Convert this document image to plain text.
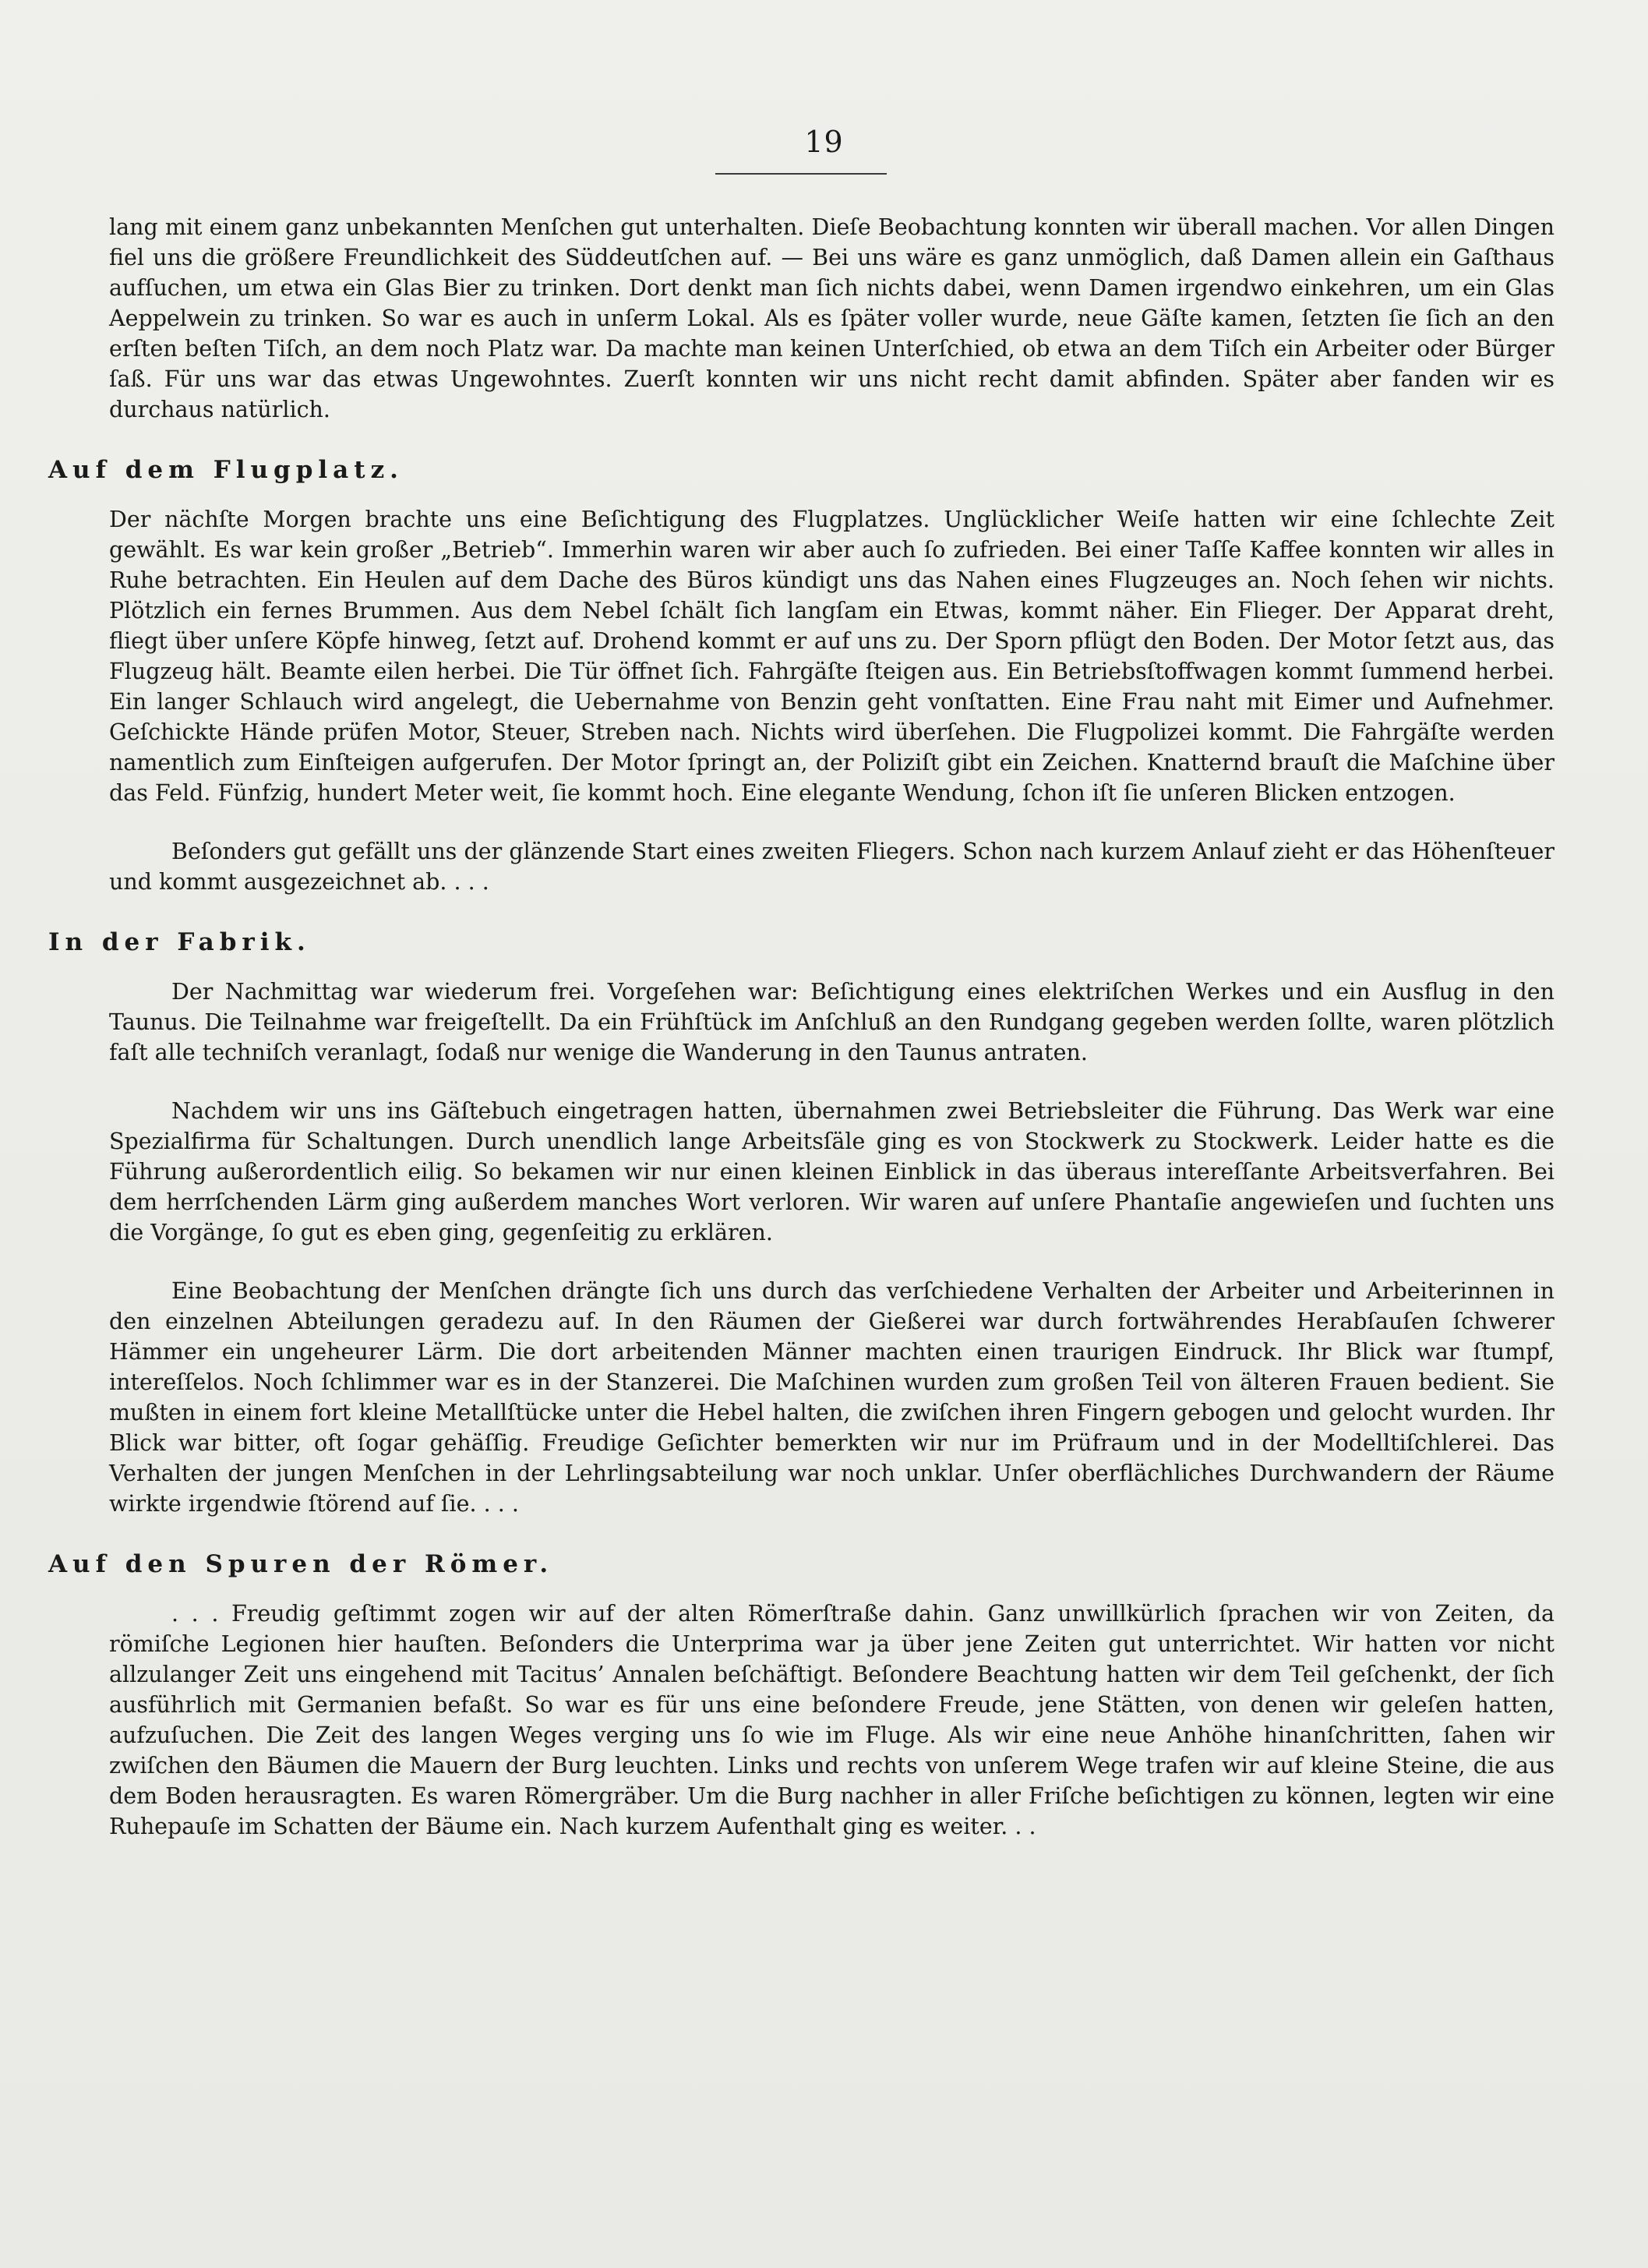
19

lang mit einem ganz unbekannten Menſchen gut unterhalten. Dieſe Beobachtung konnten wir überall machen. Vor allen Dingen fiel uns die größere Freundlichkeit des Süddeutſchen auf. — Bei uns wäre es ganz unmöglich, daß Damen allein ein Gaſthaus aufſuchen, um etwa ein Glas Bier zu trinken. Dort denkt man ſich nichts dabei, wenn Damen irgendwo einkehren, um ein Glas Aeppelwein zu trinken. So war es auch in unſerm Lokal. Als es ſpäter voller wurde, neue Gäſte kamen, ſetzten ſie ſich an den erſten beſten Tiſch, an dem noch Platz war. Da machte man keinen Unterſchied, ob etwa an dem Tiſch ein Arbeiter oder Bürger ſaß. Für uns war das etwas Ungewohntes. Zuerſt konnten wir uns nicht recht damit abfinden. Später aber fanden wir es durchaus natürlich.

Auf dem Flugplatz.

Der nächſte Morgen brachte uns eine Beſichtigung des Flugplatzes. Unglücklicher Weiſe hatten wir eine ſchlechte Zeit gewählt. Es war kein großer „Betrieb“. Immerhin waren wir aber auch ſo zufrieden. Bei einer Taſſe Kaffee konnten wir alles in Ruhe betrachten. Ein Heulen auf dem Dache des Büros kündigt uns das Nahen eines Flugzeuges an. Noch ſehen wir nichts. Plötzlich ein fernes Brummen. Aus dem Nebel ſchält ſich langſam ein Etwas, kommt näher. Ein Flieger. Der Apparat dreht, fliegt über unſere Köpfe hinweg, ſetzt auf. Drohend kommt er auf uns zu. Der Sporn pflügt den Boden. Der Motor ſetzt aus, das Flugzeug hält. Beamte eilen herbei. Die Tür öffnet ſich. Fahrgäſte ſteigen aus. Ein Betriebsſtoffwagen kommt ſummend herbei. Ein langer Schlauch wird angelegt, die Uebernahme von Benzin geht vonſtatten. Eine Frau naht mit Eimer und Aufnehmer. Geſchickte Hände prüfen Motor, Steuer, Streben nach. Nichts wird überſehen. Die Flugpolizei kommt. Die Fahrgäſte werden namentlich zum Einſteigen aufgerufen. Der Motor ſpringt an, der Poliziſt gibt ein Zeichen. Knatternd brauſt die Maſchine über das Feld. Fünfzig, hundert Meter weit, ſie kommt hoch. Eine elegante Wendung, ſchon iſt ſie unſeren Blicken entzogen.

Beſonders gut gefällt uns der glänzende Start eines zweiten Fliegers. Schon nach kurzem Anlauf zieht er das Höhenſteuer und kommt ausgezeichnet ab. . . .

In der Fabrik.

Der Nachmittag war wiederum frei. Vorgeſehen war: Beſichtigung eines elektriſchen Werkes und ein Ausflug in den Taunus. Die Teilnahme war freigeſtellt. Da ein Frühſtück im Anſchluß an den Rundgang gegeben werden ſollte, waren plötzlich faſt alle techniſch veranlagt, ſodaß nur wenige die Wanderung in den Taunus antraten.

Nachdem wir uns ins Gäſtebuch eingetragen hatten, übernahmen zwei Betriebsleiter die Führung. Das Werk war eine Spezialfirma für Schaltungen. Durch unendlich lange Arbeitsſäle ging es von Stockwerk zu Stockwerk. Leider hatte es die Führung außerordentlich eilig. So bekamen wir nur einen kleinen Einblick in das überaus intereſſante Arbeitsverfahren. Bei dem herrſchenden Lärm ging außerdem manches Wort verloren. Wir waren auf unſere Phantaſie angewieſen und ſuchten uns die Vorgänge, ſo gut es eben ging, gegenſeitig zu erklären.

Eine Beobachtung der Menſchen drängte ſich uns durch das verſchiedene Verhalten der Arbeiter und Arbeiterinnen in den einzelnen Abteilungen geradezu auf. In den Räumen der Gießerei war durch fortwährendes Herabſauſen ſchwerer Hämmer ein ungeheurer Lärm. Die dort arbeitenden Männer machten einen traurigen Eindruck. Ihr Blick war ſtumpf, intereſſelos. Noch ſchlimmer war es in der Stanzerei. Die Maſchinen wurden zum großen Teil von älteren Frauen bedient. Sie mußten in einem fort kleine Metallſtücke unter die Hebel halten, die zwiſchen ihren Fingern gebogen und gelocht wurden. Ihr Blick war bitter, oft ſogar gehäſſig. Freudige Geſichter bemerkten wir nur im Prüfraum und in der Modelltiſchlerei. Das Verhalten der jungen Menſchen in der Lehrlingsabteilung war noch unklar. Unſer oberflächliches Durchwandern der Räume wirkte irgendwie ſtörend auf ſie. . . .

Auf den Spuren der Römer.

. . . Freudig geſtimmt zogen wir auf der alten Römerſtraße dahin. Ganz unwillkürlich ſprachen wir von Zeiten, da römiſche Legionen hier hauſten. Beſonders die Unterprima war ja über jene Zeiten gut unterrichtet. Wir hatten vor nicht allzulanger Zeit uns eingehend mit Tacitus’ Annalen beſchäftigt. Beſondere Beachtung hatten wir dem Teil geſchenkt, der ſich ausführlich mit Germanien befaßt. So war es für uns eine beſondere Freude, jene Stätten, von denen wir geleſen hatten, aufzuſuchen. Die Zeit des langen Weges verging uns ſo wie im Fluge. Als wir eine neue Anhöhe hinanſchritten, ſahen wir zwiſchen den Bäumen die Mauern der Burg leuchten. Links und rechts von unſerem Wege trafen wir auf kleine Steine, die aus dem Boden herausragten. Es waren Römergräber. Um die Burg nachher in aller Friſche beſichtigen zu können, legten wir eine Ruhepauſe im Schatten der Bäume ein. Nach kurzem Aufenthalt ging es weiter. . .
